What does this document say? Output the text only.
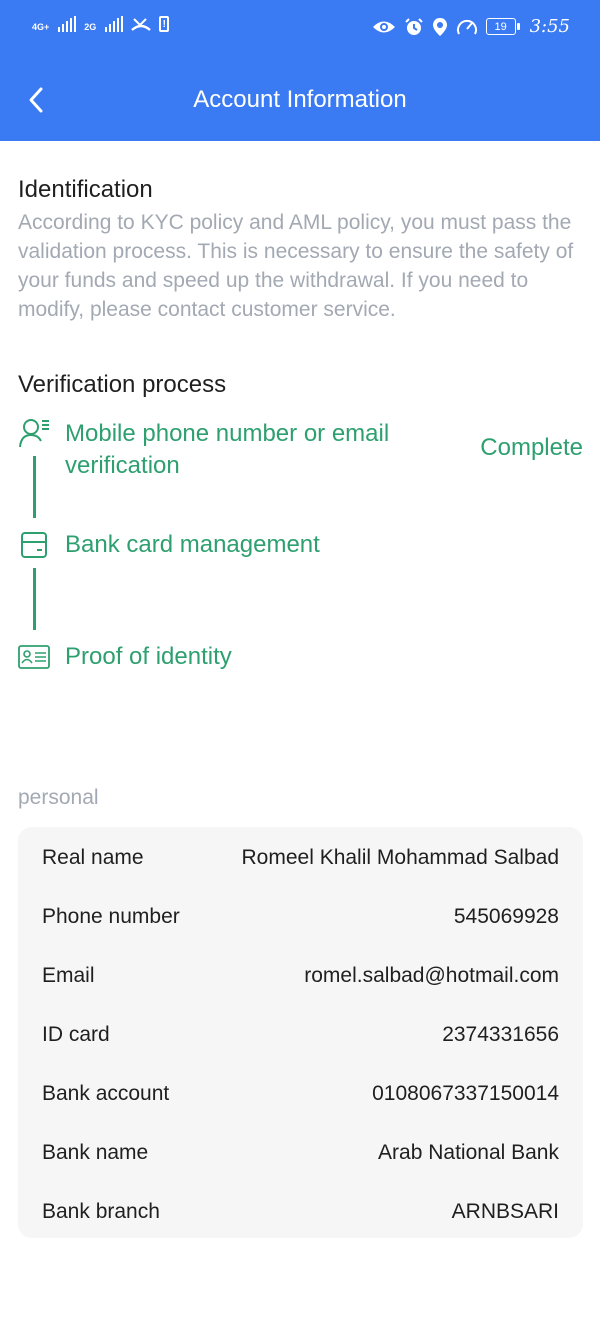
4G+	2G	!	19	3:55
Account Information
Identification
According to KYC policy and AML policy, you must pass the validation process. This is necessary to ensure the safety of your funds and speed up the withdrawal. If you need to modify, please contact customer service.
Verification process
Mobile phone number or email verification
Complete
Bank card management
Proof of identity
personal
Real name	Romeel Khalil Mohammad Salbad
Phone number	545069928
Email	romel.salbad@hotmail.com
ID card	2374331656
Bank account	0108067337150014
Bank name	Arab National Bank
Bank branch	ARNBSARI
